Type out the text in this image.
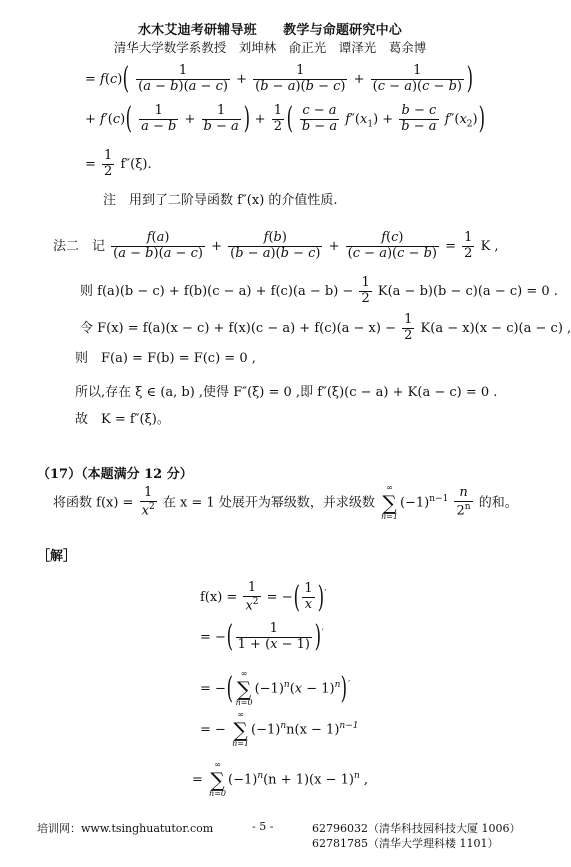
水木艾迪考研辅导班　　教学与命题研究中心
清华大学数学系教授　刘坤林　俞正光　谭泽光　葛余博
= $f(c)( \frac{1}{(a - b)(a - c)} + \frac{1}{(b - a)(b - c)} + \frac{1}{(c - a)(c - b)}$ )
+ $f'(c)( \frac{1}{a - b} + \frac{1}{b - a}$ ) + $\frac{1}{2}$ ( $\frac{c - a}{b - a} f''(x_1) + \frac{b - c}{b - a} f''(x_2)$)
= $\frac{1}{2} f''(\xi)$.
注　用到了二阶导函数 f″(x) 的介值性质.
法二　记 $\frac{f(a)}{(a - b)(a - c)} + \frac{f(b)}{(b - a)(b - c)} + \frac{f(c)}{(c - a)(c - b)} = \frac{1}{2}$ K ,
则 $f(a)(b - c) + f(b)(c - a) + f(c)(a - b) - \frac{1}{2} K(a - b)(b - c)(a - c) = 0$ .
令 $F(x) = f(a)(x - c) + f(x)(c - a) + f(c)(a - x) - \frac{1}{2} K(a - x)(x - c)(a - c)$ ,
则　F(a) = F(b) = F(c) = 0 ,
所以,存在 ξ ∈ (a, b) ,使得 F″(ξ) = 0 ,即 f″(ξ)(c − a) + K(a − c) = 0 .
故　K = f″(ξ)。
（17）（本题满分 12 分）
将函数 $f(x) = \frac{1}{x^2}$ 在 x = 1 处展开为幂级数，并求级数
∞
∑
n=1
$(-1)^{n-1} \frac{n}{2^n}$ 的和。
［解］
$f(x) = \frac{1}{x^2}$ = −( $\frac{1}{x} )'$
= −( $\frac{1}{1 + (x - 1)} )'$
= −( ∞
∑
n=0
$(-1)^n(x - 1)^n)'$
= −
∞
∑
n=1
$(-1)^nn(x - 1)^{n-1}$
=
∞
∑
n=0
$(-1)^n(n + 1)(x - 1)^n$ ,
培训网：www.tsinghuatutor.com	- 5 -	62796032（清华科技园科技大厦 1006）
62781785（清华大学理科楼 1101）
